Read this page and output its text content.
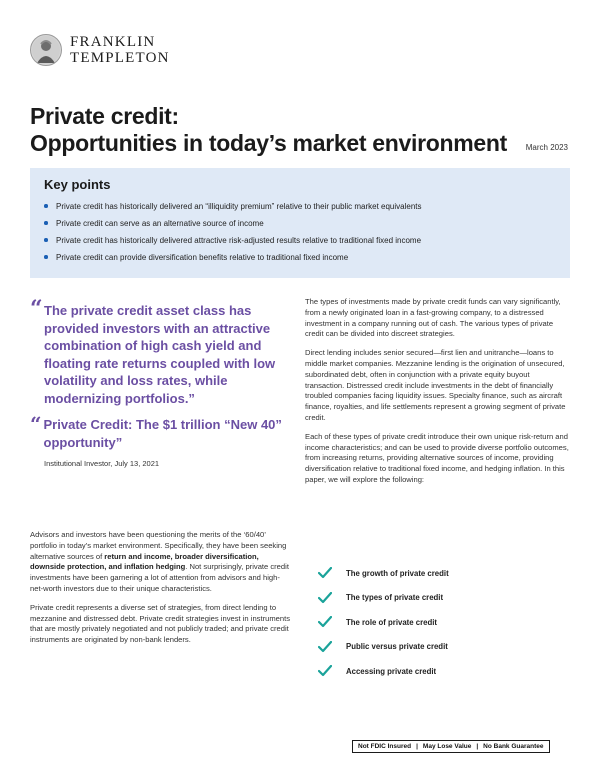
FRANKLIN
TEMPLETON
Private credit:
Opportunities in today’s market environment March 2023
Key points
Private credit has historically delivered an “illiquidity premium” relative to their public market equivalents
Private credit can serve as an alternative source of income
Private credit has historically delivered attractive risk-adjusted results relative to traditional fixed income
Private credit can provide diversification benefits relative to traditional fixed income
“ The private credit asset class has provided investors with an attractive combination of high cash yield and floating rate returns coupled with low volatility and loss rates, while modernizing portfolios.”
“ Private Credit: The $1 trillion “New 40” opportunity”
Institutional Investor, July 13, 2021

Advisors and investors have been questioning the merits of the ‘60/40’ portfolio in today’s market environment. Specifically, they have been seeking alternative sources of return and income, broader diversification, downside protection, and inflation hedging. Not surprisingly, private credit investments have been garnering a lot of attention from advisors and high-net-worth investors due to their unique characteristics.

Private credit represents a diverse set of strategies, from direct lending to mezzanine and distressed debt. Private credit strategies invest in instruments that are mostly privately negotiated and not publicly traded; and private credit instruments are originated by non-bank lenders.

The types of investments made by private credit funds can vary significantly, from a newly originated loan in a fast-growing company, to a distressed investment in a company running out of cash. The various types of private credit can be divided into discreet strategies.

Direct lending includes senior secured—first lien and unitranche—loans to middle market companies. Mezzanine lending is the origination of unsecured, subordinated debt, often in conjunction with a private equity buyout transaction. Distressed credit include investments in the debt of financially troubled companies facing liquidity issues. Specialty finance, such as aircraft finance, royalties, and life settlements represent a growing segment of private credit.

Each of these types of private credit introduce their own unique risk-return and income characteristics; and can be used to provide diverse portfolio outcomes, from increasing returns, providing alternative sources of income, providing diversification relative to traditional fixed income, and hedging inflation. In this paper, we will explore the following:

The growth of private credit
The types of private credit
The role of private credit
Public versus private credit
Accessing private credit
Not FDIC Insured | May Lose Value | No Bank Guarantee
